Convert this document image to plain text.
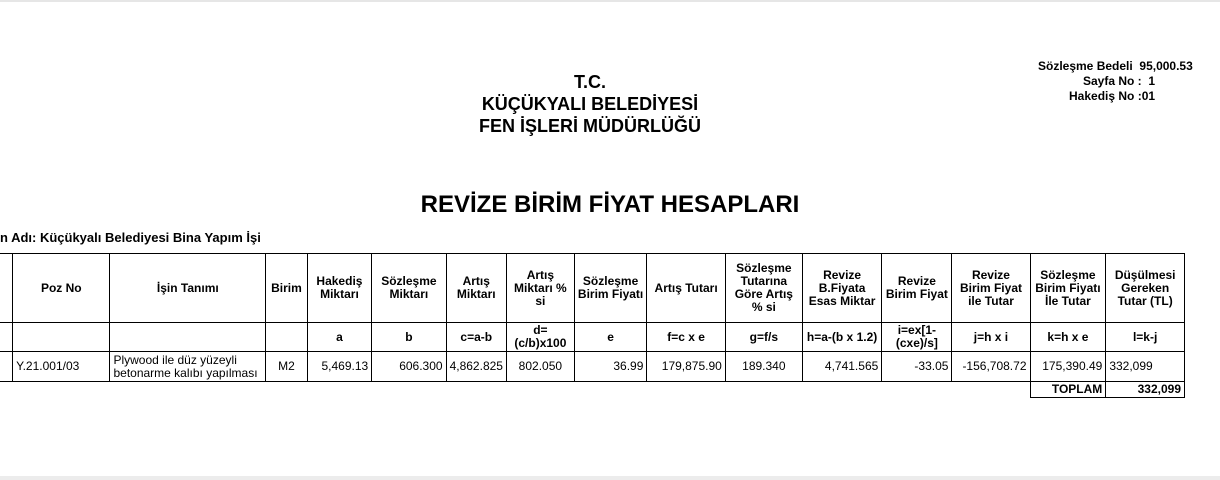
Sözleşme Bedeli 95,000.53
Sayfa No : 1
Hakediş No :01
T.C.
KÜÇÜKYALI BELEDİYESİ
FEN İŞLERİ MÜDÜRLÜĞÜ
REVİZE BİRİM FİYAT HESAPLARI
n Adı: Küçükyalı Belediyesi Bina Yapım İşi
	Poz No	İşin Tanımı	Birim	Hakediş Miktarı	Sözleşme Miktarı	Artış Miktarı	Artış Miktarı % si	Sözleşme Birim Fiyatı	Artış Tutarı	Sözleşme Tutarına Göre Artış % si	Revize B.Fiyata Esas Miktar	Revize Birim Fiyat	Revize Birim Fiyat ile Tutar	Sözleşme Birim Fiyatı İle Tutar	Düşülmesi Gereken Tutar (TL)
				a	b	c=a-b	d=(c/b)x100	e	f=c x e	g=f/s	h=a-(b x 1.2)	i=ex[1-(cxe)/s]	j=h x i	k=h x e	l=k-j
	Y.21.001/03	Plywood ile düz yüzeyli betonarme kalıbı yapılması	M2	5,469.13	606.300	4,862.825	802.050	36.99	179,875.90	189.340	4,741.565	-33.05	-156,708.72	175,390.49	332,099
														TOPLAM	332,099
